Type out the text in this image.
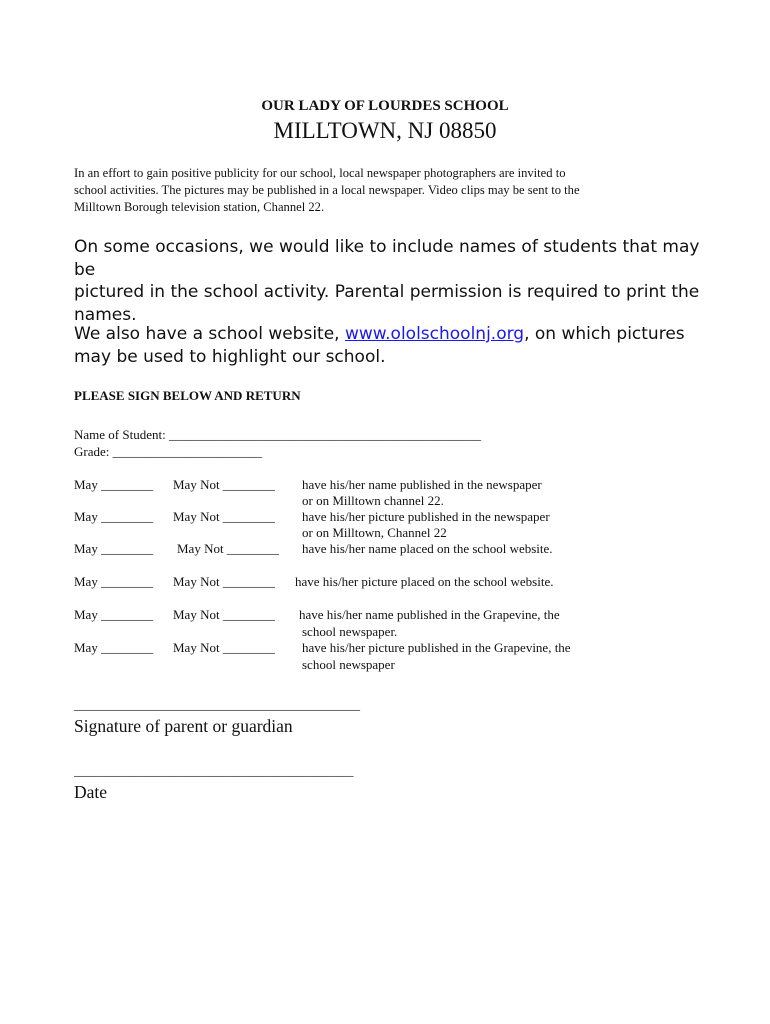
OUR LADY OF LOURDES SCHOOL
MILLTOWN, NJ 08850
In an effort to gain positive publicity for our school, local newspaper photographers are invited to
school activities. The pictures may be published in a local newspaper. Video clips may be sent to the
Milltown Borough television station, Channel 22.
On some occasions, we would like to include names of students that may be
pictured in the school activity. Parental permission is required to print the
names.
We also have a school website, www.ololschoolnj.org, on which pictures
may be used to highlight our school.
PLEASE SIGN BELOW AND RETURN
Name of Student: ________________________________________________
Grade: _______________________
May ________ May Not ________ have his/her name published in the newspaper
or on Milltown channel 22.
May ________ May Not ________ have his/her picture published in the newspaper
or on Milltown, Channel 22
May ________ May Not ________ have his/her name placed on the school website.
May ________ May Not ________ have his/her picture placed on the school website.
May ________ May Not ________ have his/her name published in the Grapevine, the
school newspaper.
May ________ May Not ________ have his/her picture published in the Grapevine, the
school newspaper
____________________________________________
Signature of parent or guardian
___________________________________________
Date
